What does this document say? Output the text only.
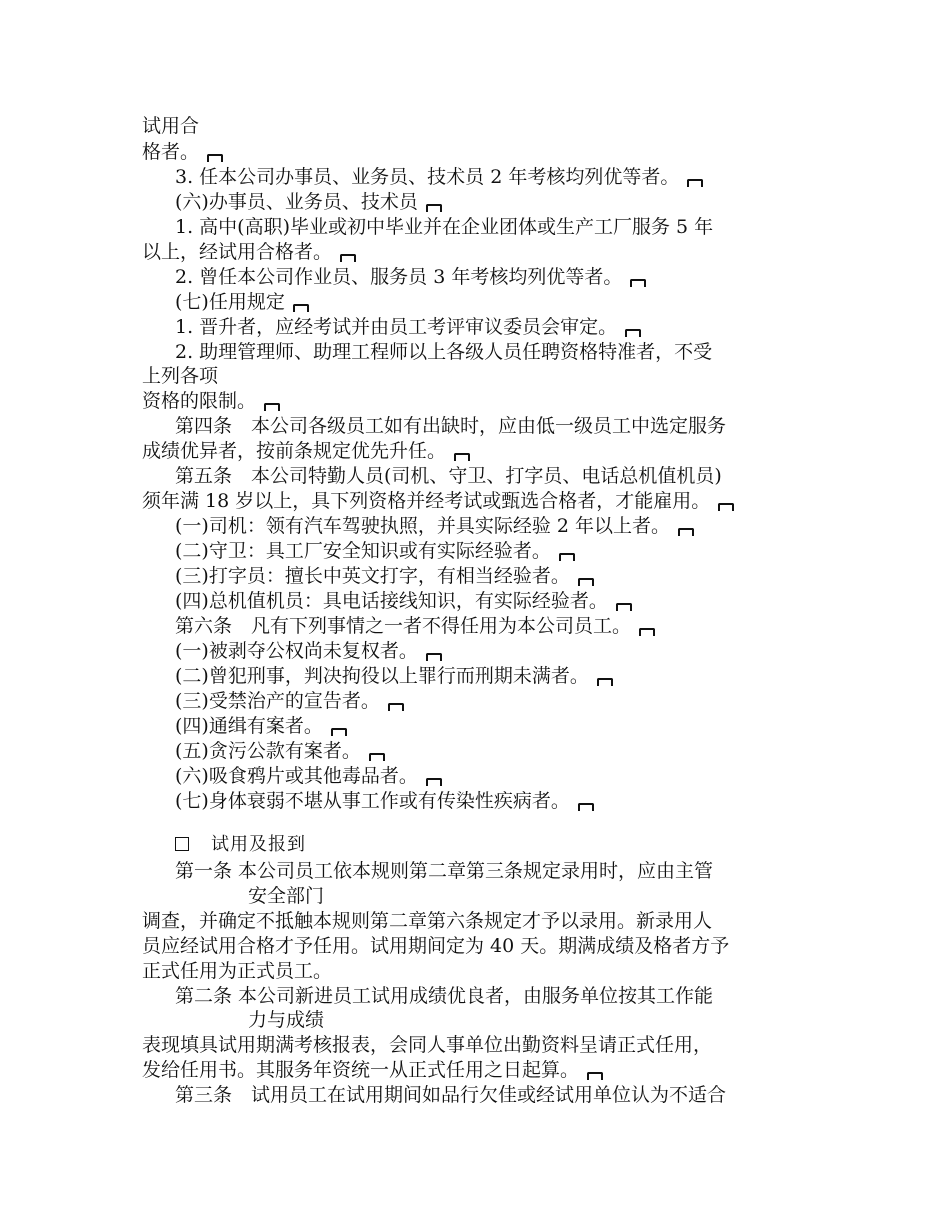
试用合
格者。
3. 任本公司办事员、业务员、技术员 2 年考核均列优等者。
(六)办事员、业务员、技术员
1. 高中(高职)毕业或初中毕业并在企业团体或生产工厂服务 5 年
以上，经试用合格者。
2. 曾任本公司作业员、服务员 3 年考核均列优等者。
(七)任用规定
1. 晋升者，应经考试并由员工考评审议委员会审定。
2. 助理管理师、助理工程师以上各级人员任聘资格特准者，不受
上列各项
资格的限制。
第四条　本公司各级员工如有出缺时，应由低一级员工中选定服务
成绩优异者，按前条规定优先升任。
第五条　本公司特勤人员(司机、守卫、打字员、电话总机值机员)
须年满 18 岁以上，具下列资格并经考试或甄选合格者，才能雇用。
(一)司机：领有汽车驾驶执照，并具实际经验 2 年以上者。
(二)守卫：具工厂安全知识或有实际经验者。
(三)打字员：擅长中英文打字，有相当经验者。
(四)总机值机员：具电话接线知识，有实际经验者。
第六条　凡有下列事情之一者不得任用为本公司员工。
(一)被剥夺公权尚未复权者。
(二)曾犯刑事，判决拘役以上罪行而刑期未满者。
(三)受禁治产的宣告者。
(四)通缉有案者。
(五)贪污公款有案者。
(六)吸食鸦片或其他毒品者。
(七)身体衰弱不堪从事工作或有传染性疾病者。
试用及报到
第一条 本公司员工依本规则第二章第三条规定录用时，应由主管
安全部门
调查，并确定不抵触本规则第二章第六条规定才予以录用。新录用人
员应经试用合格才予任用。试用期间定为 40 天。期满成绩及格者方予
正式任用为正式员工。
第二条 本公司新进员工试用成绩优良者，由服务单位按其工作能
力与成绩
表现填具试用期满考核报表，会同人事单位出勤资料呈请正式任用，
发给任用书。其服务年资统一从正式任用之日起算。
第三条　试用员工在试用期间如品行欠佳或经试用单位认为不适合
